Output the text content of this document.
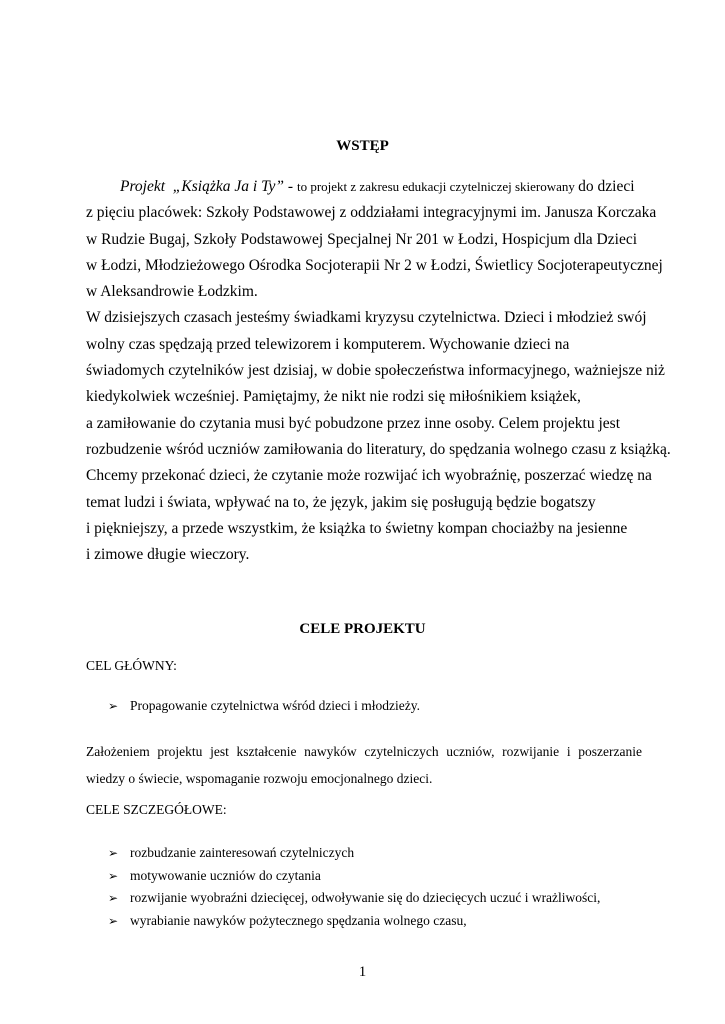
WSTĘP
Projekt „Książka Ja i Ty” - to projekt z zakresu edukacji czytelniczej skierowany do dzieci
z pięciu placówek: Szkoły Podstawowej z oddziałami integracyjnymi im. Janusza Korczaka
w Rudzie Bugaj, Szkoły Podstawowej Specjalnej Nr 201 w Łodzi, Hospicjum dla Dzieci
w Łodzi, Młodzieżowego Ośrodka Socjoterapii Nr 2 w Łodzi, Świetlicy Socjoterapeutycznej
w Aleksandrowie Łodzkim.
W dzisiejszych czasach jesteśmy świadkami kryzysu czytelnictwa. Dzieci i młodzież swój
wolny czas spędzają przed telewizorem i komputerem. Wychowanie dzieci na
świadomych czytelników jest dzisiaj, w dobie społeczeństwa informacyjnego, ważniejsze niż
kiedykolwiek wcześniej. Pamiętajmy, że nikt nie rodzi się miłośnikiem książek,
a zamiłowanie do czytania musi być pobudzone przez inne osoby. Celem projektu jest
rozbudzenie wśród uczniów zamiłowania do literatury, do spędzania wolnego czasu z książką.
Chcemy przekonać dzieci, że czytanie może rozwijać ich wyobraźnię, poszerzać wiedzę na
temat ludzi i świata, wpływać na to, że język, jakim się posługują będzie bogatszy
i piękniejszy, a przede wszystkim, że książka to świetny kompan chociażby na jesienne
i zimowe długie wieczory.
CELE PROJEKTU
CEL GŁÓWNY:
➢ Propagowanie czytelnictwa wśród dzieci i młodzieży.
Założeniem projektu jest kształcenie nawyków czytelniczych uczniów, rozwijanie i poszerzanie
wiedzy o świecie, wspomaganie rozwoju emocjonalnego dzieci.
CELE SZCZEGÓŁOWE:
➢ rozbudzanie zainteresowań czytelniczych
➢ motywowanie uczniów do czytania
➢ rozwijanie wyobraźni dziecięcej, odwoływanie się do dziecięcych uczuć i wrażliwości,
➢ wyrabianie nawyków pożytecznego spędzania wolnego czasu,
1
